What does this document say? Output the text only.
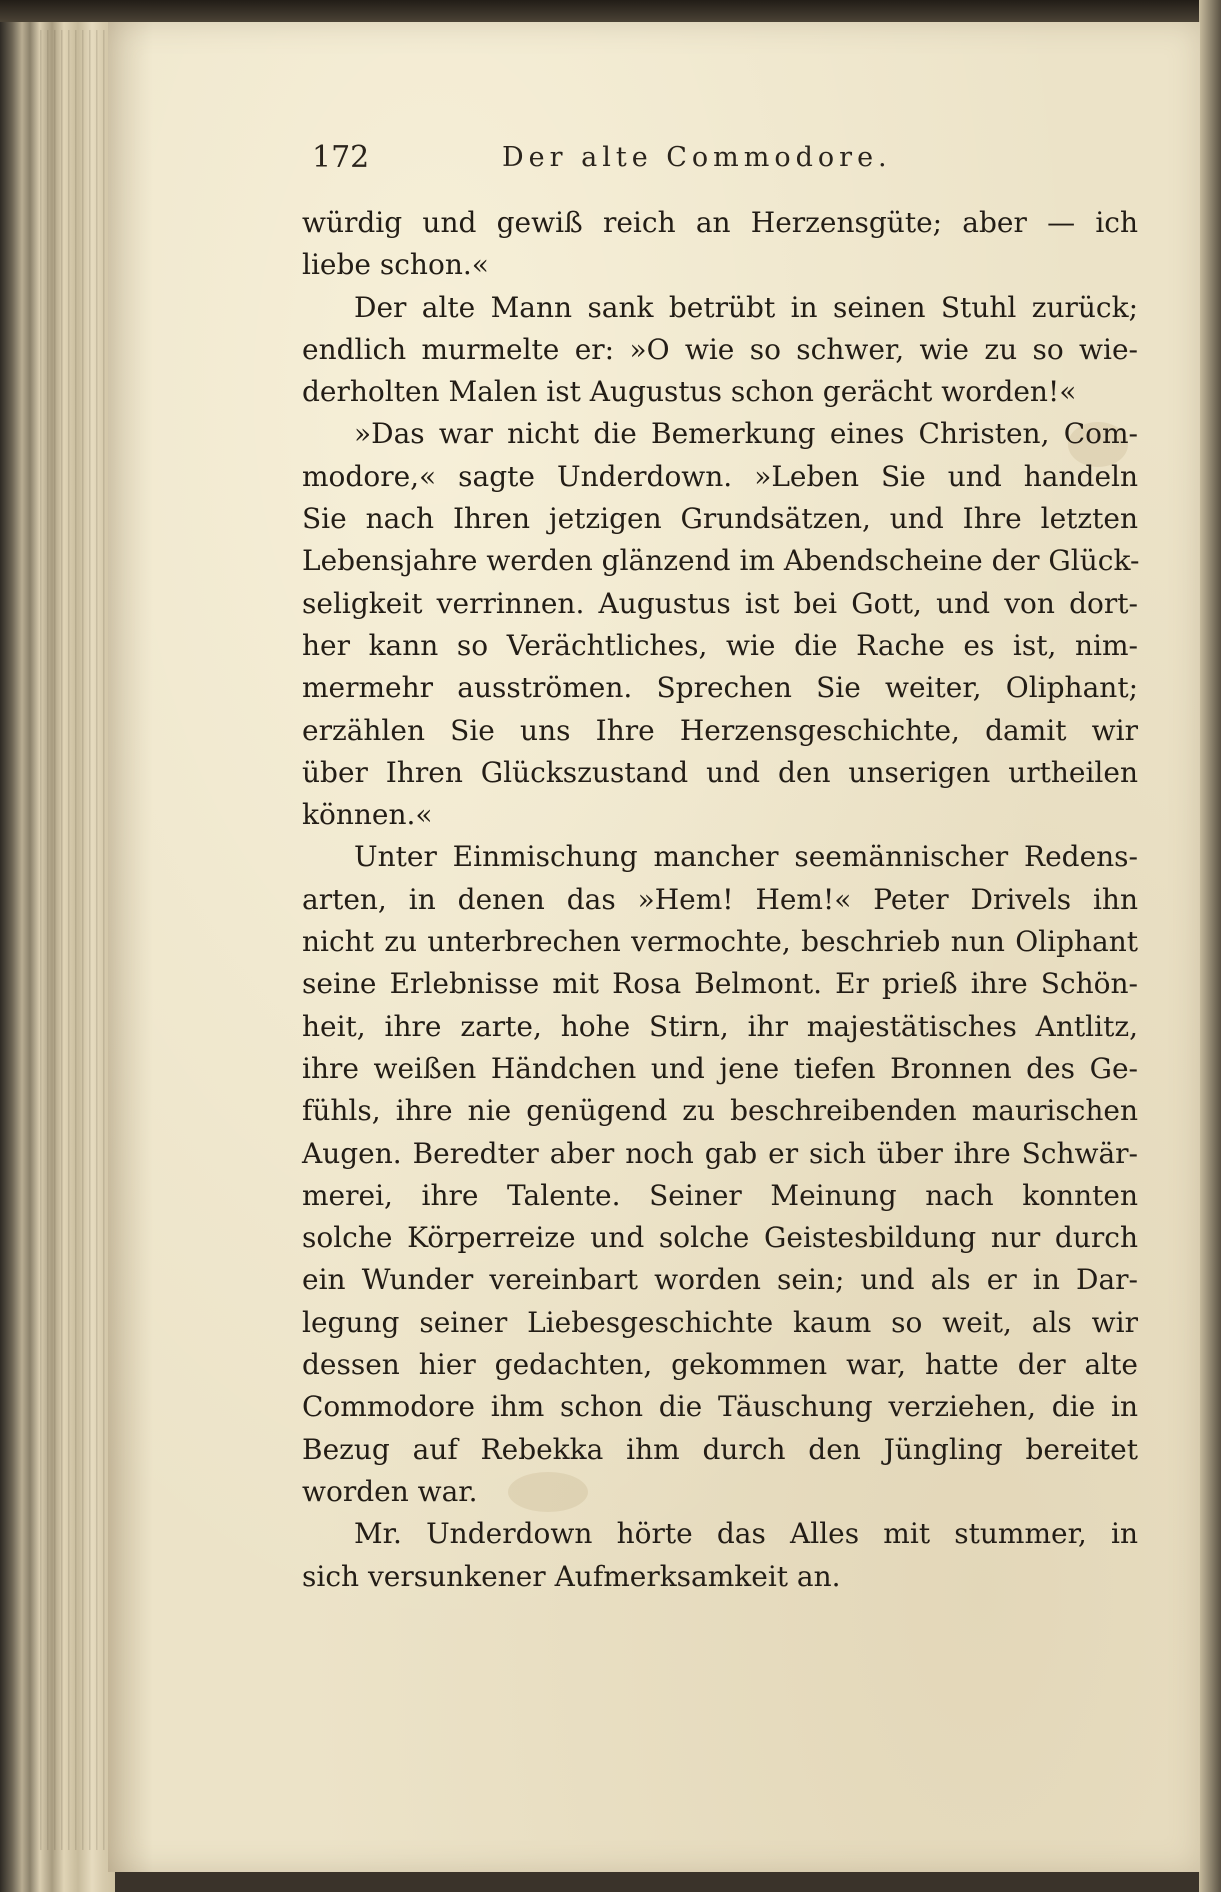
172	Der alte Commodore.
würdig und gewiß reich an Herzensgüte; aber — ich
liebe schon.«
Der alte Mann sank betrübt in seinen Stuhl zurück;
endlich murmelte er: »O wie so schwer, wie zu so wie-
derholten Malen ist Augustus schon gerächt worden!«
»Das war nicht die Bemerkung eines Christen, Com-
modore,« sagte Underdown. »Leben Sie und handeln
Sie nach Ihren jetzigen Grundsätzen, und Ihre letzten
Lebensjahre werden glänzend im Abendscheine der Glück-
seligkeit verrinnen. Augustus ist bei Gott, und von dort-
her kann so Verächtliches, wie die Rache es ist, nim-
mermehr ausströmen. Sprechen Sie weiter, Oliphant;
erzählen Sie uns Ihre Herzensgeschichte, damit wir
über Ihren Glückszustand und den unserigen urtheilen
können.«
Unter Einmischung mancher seemännischer Redens-
arten, in denen das »Hem! Hem!« Peter Drivels ihn
nicht zu unterbrechen vermochte, beschrieb nun Oliphant
seine Erlebnisse mit Rosa Belmont. Er prieß ihre Schön-
heit, ihre zarte, hohe Stirn, ihr majestätisches Antlitz,
ihre weißen Händchen und jene tiefen Bronnen des Ge-
fühls, ihre nie genügend zu beschreibenden maurischen
Augen. Beredter aber noch gab er sich über ihre Schwär-
merei, ihre Talente. Seiner Meinung nach konnten
solche Körperreize und solche Geistesbildung nur durch
ein Wunder vereinbart worden sein; und als er in Dar-
legung seiner Liebesgeschichte kaum so weit, als wir
dessen hier gedachten, gekommen war, hatte der alte
Commodore ihm schon die Täuschung verziehen, die in
Bezug auf Rebekka ihm durch den Jüngling bereitet
worden war.
Mr. Underdown hörte das Alles mit stummer, in
sich versunkener Aufmerksamkeit an.
